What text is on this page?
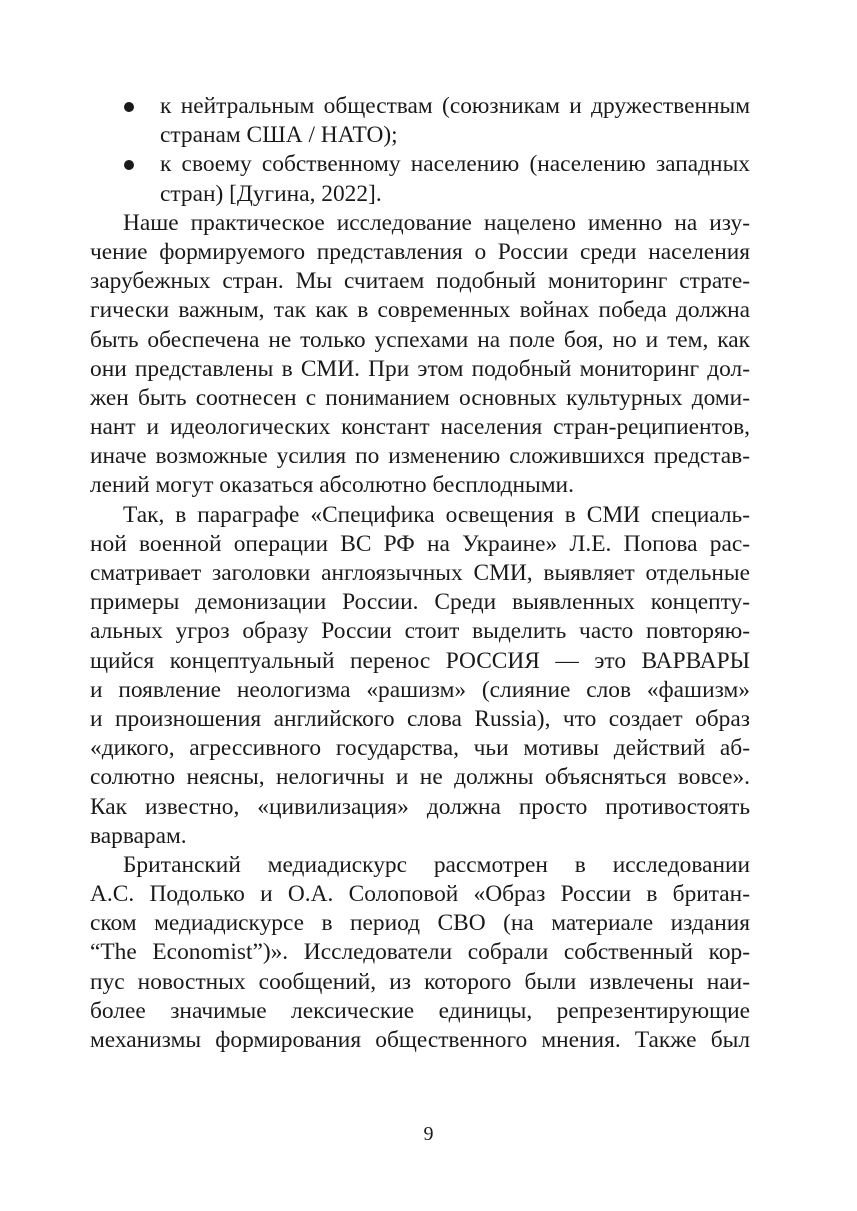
к нейтральным обществам (союзникам и дружественным
странам США / НАТО);
к своему собственному населению (населению западных
стран) [Дугина, 2022].
Наше практическое исследование нацелено именно на изу-
чение формируемого представления о России среди населения
зарубежных стран. Мы считаем подобный мониторинг страте-
гически важным, так как в современных войнах победа должна
быть обеспечена не только успехами на поле боя, но и тем, как
они представлены в СМИ. При этом подобный мониторинг дол-
жен быть соотнесен с пониманием основных культурных доми-
нант и идеологических констант населения стран-реципиентов,
иначе возможные усилия по изменению сложившихся представ-
лений могут оказаться абсолютно бесплодными.
Так, в параграфе «Специфика освещения в СМИ специаль-
ной военной операции ВС РФ на Украине» Л.Е. Попова рас-
сматривает заголовки англоязычных СМИ, выявляет отдельные
примеры демонизации России. Среди выявленных концепту-
альных угроз образу России стоит выделить часто повторяю-
щийся концептуальный перенос РОССИЯ — это ВАРВАРЫ
и появление неологизма «рашизм» (слияние слов «фашизм»
и произношения английского слова Russia), что создает образ
«дикого, агрессивного государства, чьи мотивы действий аб-
солютно неясны, нелогичны и не должны объясняться вовсе».
Как известно, «цивилизация» должна просто противостоять
варварам.
Британский медиадискурс рассмотрен в исследовании
А.С. Подолько и О.А. Солоповой «Образ России в британ-
ском медиадискурсе в период СВО (на материале издания
“The Economist”)». Исследователи собрали собственный кор-
пус новостных сообщений, из которого были извлечены наи-
более значимые лексические единицы, репрезентирующие
механизмы формирования общественного мнения. Также был
9
